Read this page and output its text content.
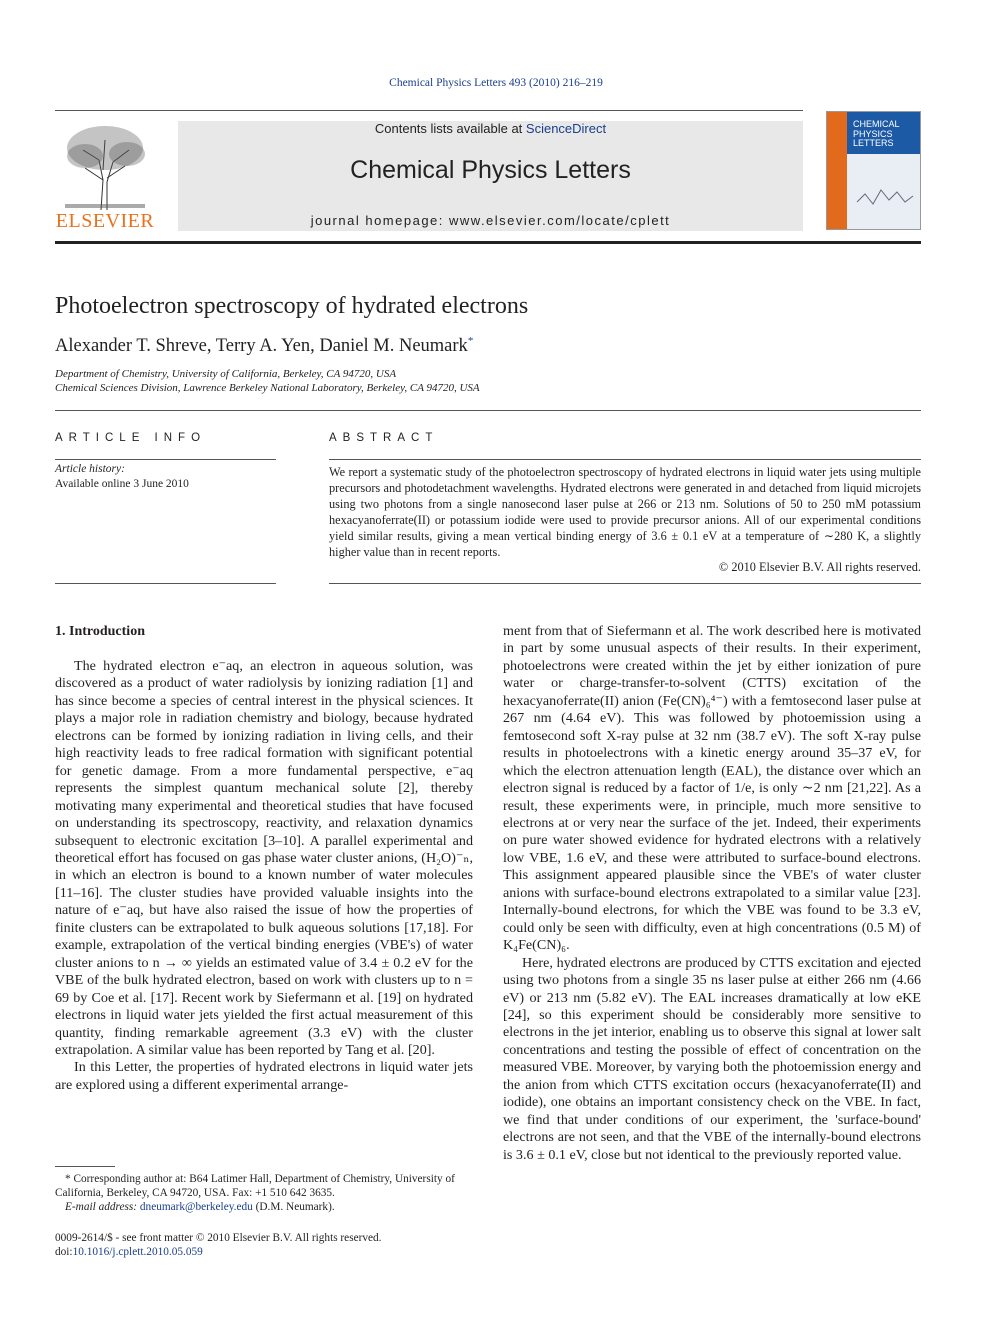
Chemical Physics Letters 493 (2010) 216–219
ELSEVIER
Contents lists available at ScienceDirect
Chemical Physics Letters
journal homepage: www.elsevier.com/locate/cplett
CHEMICAL PHYSICS LETTERS
Photoelectron spectroscopy of hydrated electrons
Alexander T. Shreve, Terry A. Yen, Daniel M. Neumark*
Department of Chemistry, University of California, Berkeley, CA 94720, USA
Chemical Sciences Division, Lawrence Berkeley National Laboratory, Berkeley, CA 94720, USA
ARTICLE INFO
Article history:
Available online 3 June 2010
ABSTRACT
We report a systematic study of the photoelectron spectroscopy of hydrated electrons in liquid water jets using multiple precursors and photodetachment wavelengths. Hydrated electrons were generated in and detached from liquid microjets using two photons from a single nanosecond laser pulse at 266 or 213 nm. Solutions of 50 to 250 mM potassium hexacyanoferrate(II) or potassium iodide were used to provide precursor anions. All of our experimental conditions yield similar results, giving a mean vertical binding energy of 3.6 ± 0.1 eV at a temperature of ∼280 K, a slightly higher value than in recent reports.
© 2010 Elsevier B.V. All rights reserved.
1. Introduction

The hydrated electron e⁻aq, an electron in aqueous solution, was discovered as a product of water radiolysis by ionizing radiation [1] and has since become a species of central interest in the physical sciences. It plays a major role in radiation chemistry and biology, because hydrated electrons can be formed by ionizing radiation in living cells, and their high reactivity leads to free radical formation with significant potential for genetic damage. From a more fundamental perspective, e⁻aq represents the simplest quantum mechanical solute [2], thereby motivating many experimental and theoretical studies that have focused on understanding its spectroscopy, reactivity, and relaxation dynamics subsequent to electronic excitation [3–10]. A parallel experimental and theoretical effort has focused on gas phase water cluster anions, (H₂O)⁻ₙ, in which an electron is bound to a known number of water molecules [11–16]. The cluster studies have provided valuable insights into the nature of e⁻aq, but have also raised the issue of how the properties of finite clusters can be extrapolated to bulk aqueous solutions [17,18]. For example, extrapolation of the vertical binding energies (VBE's) of water cluster anions to n → ∞ yields an estimated value of 3.4 ± 0.2 eV for the VBE of the bulk hydrated electron, based on work with clusters up to n = 69 by Coe et al. [17]. Recent work by Siefermann et al. [19] on hydrated electrons in liquid water jets yielded the first actual measurement of this quantity, finding remarkable agreement (3.3 eV) with the cluster extrapolation. A similar value has been reported by Tang et al. [20].

In this Letter, the properties of hydrated electrons in liquid water jets are explored using a different experimental arrange-

ment from that of Siefermann et al. The work described here is motivated in part by some unusual aspects of their results. In their experiment, photoelectrons were created within the jet by either ionization of pure water or charge-transfer-to-solvent (CTTS) excitation of the hexacyanoferrate(II) anion (Fe(CN)₆⁴⁻) with a femtosecond laser pulse at 267 nm (4.64 eV). This was followed by photoemission using a femtosecond soft X-ray pulse at 32 nm (38.7 eV). The soft X-ray pulse results in photoelectrons with a kinetic energy around 35–37 eV, for which the electron attenuation length (EAL), the distance over which an electron signal is reduced by a factor of 1/e, is only ∼2 nm [21,22]. As a result, these experiments were, in principle, much more sensitive to electrons at or very near the surface of the jet. Indeed, their experiments on pure water showed evidence for hydrated electrons with a relatively low VBE, 1.6 eV, and these were attributed to surface-bound electrons. This assignment appeared plausible since the VBE's of water cluster anions with surface-bound electrons extrapolated to a similar value [23]. Internally-bound electrons, for which the VBE was found to be 3.3 eV, could only be seen with difficulty, even at high concentrations (0.5 M) of K₄Fe(CN)₆.

Here, hydrated electrons are produced by CTTS excitation and ejected using two photons from a single 35 ns laser pulse at either 266 nm (4.66 eV) or 213 nm (5.82 eV). The EAL increases dramatically at low eKE [24], so this experiment should be considerably more sensitive to electrons in the jet interior, enabling us to observe this signal at lower salt concentrations and testing the possible of effect of concentration on the measured VBE. Moreover, by varying both the photoemission energy and the anion from which CTTS excitation occurs (hexacyanoferrate(II) and iodide), one obtains an important consistency check on the VBE. In fact, we find that under conditions of our experiment, the 'surface-bound' electrons are not seen, and that the VBE of the internally-bound electrons is 3.6 ± 0.1 eV, close but not identical to the previously reported value.

* Corresponding author at: B64 Latimer Hall, Department of Chemistry, University of California, Berkeley, CA 94720, USA. Fax: +1 510 642 3635.
E-mail address: dneumark@berkeley.edu (D.M. Neumark).
0009-2614/$ - see front matter © 2010 Elsevier B.V. All rights reserved.
doi:10.1016/j.cplett.2010.05.059
